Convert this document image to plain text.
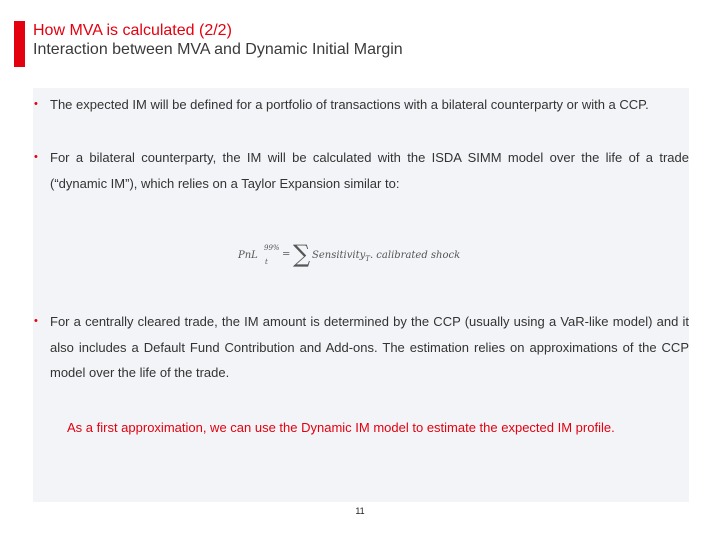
How MVA is calculated (2/2)
Interaction between MVA and Dynamic Initial Margin
• The expected IM will be defined for a portfolio of transactions with a bilateral counterparty or with a CCP.
• For a bilateral counterparty, the IM will be calculated with the ISDA SIMM model over the life of a trade (“dynamic IM”), which relies on a Taylor Expansion similar to:
PnL
99%
t
= ∑ Sensitivity$_T$. calibrated shock
• For a centrally cleared trade, the IM amount is determined by the CCP (usually using a VaR-like model) and it also includes a Default Fund Contribution and Add-ons. The estimation relies on approximations of the CCP model over the life of the trade.
As a first approximation, we can use the Dynamic IM model to estimate the expected IM profile.
11
